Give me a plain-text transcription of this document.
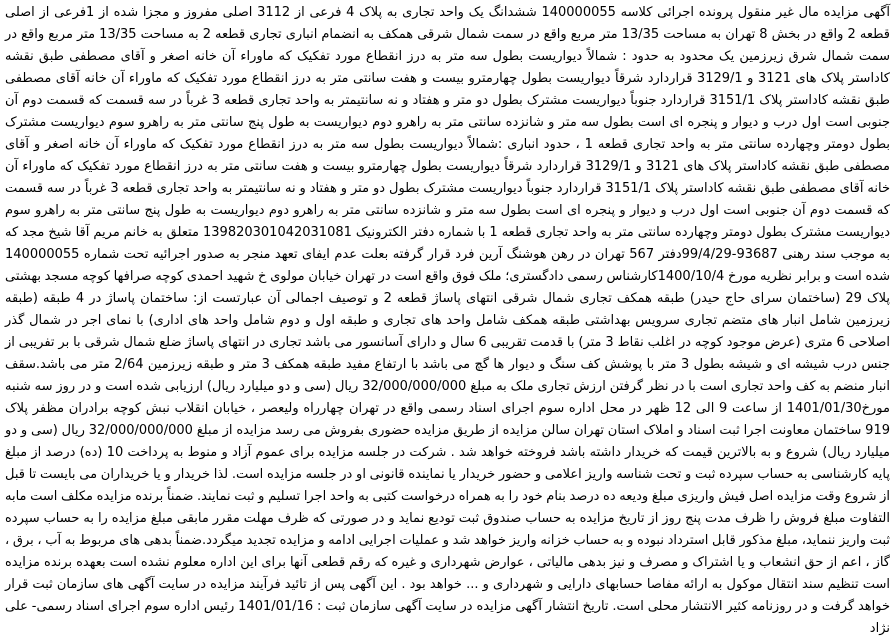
آگهی مزایده مال غیر منقول پرونده اجرائی کلاسه 140000055 ششدانگ یک واحد تجاری به پلاک 4 فرعی از 3112 اصلی مفروز و مجزا شده از 1فرعی از اصلی قطعه 2 واقع در بخش 8 تهران به مساحت 13/35 متر مربع واقع در سمت شمال شرقی همکف به انضمام انباری تجاری قطعه 2 به مساحت 13/35 متر مربع واقع در سمت شمال شرق زیرزمین یک محدود به حدود : شمالاً دیواریست بطول سه متر به درز انقطاع مورد تفکیک که ماوراء آن خانه اصغر و آقای مصطفی طبق نقشه کاداستر پلاک های 3121 و 3129/1 قراردارد شرقاً دیواریست بطول چهارمترو بیست و هفت سانتی متر به درز انقطاع مورد تفکیک که ماوراء آن خانه آقای مصطفی طبق نقشه کاداستر پلاک 3151/1 قراردارد جنوباً دیواریست مشترک بطول دو متر و هفتاد و نه سانتیمتر به واحد تجاری قطعه 3 غرباً در سه قسمت که قسمت دوم آن جنوبی است اول درب و دیوار و پنجره ای است بطول سه متر و شانزده سانتی متر به راهرو دوم دیواریست به طول پنج سانتی متر به راهرو سوم دیواریست مشترک بطول دومتر وچهارده سانتی متر به واحد تجاری قطعه 1 ، حدود انباری :شمالاً دیواریست بطول سه متر به درز انقطاع مورد تفکیک که ماوراء آن خانه اصغر و آقای مصطفی طبق نقشه کاداستر پلاک های 3121 و 3129/1 قراردارد شرقاً دیواریست بطول چهارمترو بیست و هفت سانتی متر به درز انقطاع مورد تفکیک که ماوراء آن خانه آقای مصطفی طبق نقشه کاداستر پلاک 3151/1 قراردارد جنوباً دیواریست مشترک بطول دو متر و هفتاد و نه سانتیمتر به واحد تجاری قطعه 3 غرباً در سه قسمت که قسمت دوم آن جنوبی است اول درب و دیوار و پنجره ای است بطول سه متر و شانزده سانتی متر به راهرو دوم دیواریست به طول پنج سانتی متر به راهرو سوم دیواریست مشترک بطول دومتر وچهارده سانتی متر به واحد تجاری قطعه 1 با شماره دفتر الکترونیک 139820301042031081 متعلق به خانم مریم آقا شیخ مجد که به موجب سند رهنی 93687-99/4/29دفتر 567 تهران در رهن هوشنگ آرین فرد قرار گرفته بعلت عدم ایفای تعهد منجر به صدور اجرائیه تحت شماره 140000055 شده است و برابر نظریه مورخ 1400/10/4کارشناس رسمی دادگستری؛ ملک فوق واقع است در تهران خیابان مولوی خ شهید احمدی کوچه صرافها کوچه مسجد بهشتی پلاک 29 (ساختمان سرای حاج حیدر) طبقه همکف تجاری شمال شرقی انتهای پاساژ قطعه 2 و توصیف اجمالی آن عبارتست از: ساختمان پاساژ در 4 طبقه (طبقه زیرزمین شامل انبار های متضم تجاری سرویس بهداشتی طبقه همکف شامل واحد های تجاری و طبقه اول و دوم شامل واحد های اداری) با نمای اجر در شمال گذر اصلاحی 6 متری (عرض موجود کوچه در اغلب نقاط 3 متر) با قدمت تقریبی 6 سال و دارای آسانسور می باشد تجاری در انتهای پاساژ ضلع شمال شرقی با بر تفریبی از جنس درب شیشه ای و شیشه بطول 3 متر با پوشش کف سنگ و دیوار ها گچ می باشد با ارتفاع مفید طبقه همکف 3 متر و طبقه زیرزمین 2/64 متر می باشد.سقف انبار منضم به کف واحد تجاری است با در نظر گرفتن ارزش تجاری ملک به مبلغ 32/000/000/000 ریال (سی و دو میلیارد ریال) ارزیابی شده است و در روز سه شنبه مورخ1401/01/30 از ساعت 9 الی 12 ظهر در محل اداره سوم اجرای اسناد رسمی واقع در تهران چهارراه ولیعصر ، خیابان انقلاب نبش کوچه برادران مظفر پلاک 919 ساختمان معاونت اجرا ثبت اسناد و املاک استان تهران سالن مزایده از طریق مزایده حضوری بفروش می رسد مزایده از مبلغ 32/000/000/000 ریال (سی و دو میلیارد ریال) شروع و به بالاترین قیمت که خریدار داشته باشد فروخته خواهد شد . شرکت در جلسه مزایده برای عموم آزاد و منوط به پرداخت 10 (ده) درصد از مبلغ پایه کارشناسی به حساب سپرده ثبت و تحت شناسه واریز اعلامی و حضور خریدار یا نماینده قانونی او در جلسه مزایده است. لذا خریدار و یا خریداران می بایست تا قبل از شروع وقت مزایده اصل فیش واریزی مبلغ ودیعه ده درصد بنام خود را به همراه درخواست کتبی به واحد اجرا تسلیم و ثبت نمایند. ضمناً برنده مزایده مکلف است مابه التفاوت مبلغ فروش را ظرف مدت پنج روز از تاریخ مزایده به حساب صندوق ثبت تودیع نماید و در صورتی که ظرف مهلت مقرر مابقی مبلغ مزایده را به حساب سپرده ثبت واریز ننماید، مبلغ مذکور قابل استرداد نبوده و به حساب خزانه واریز خواهد شد و عملیات اجرایی ادامه و مزایده تجدید میگردد.ضمناً بدهی های مربوط به آب ، برق ، گاز ، اعم از حق انشعاب و یا اشتراک و مصرف و نیز بدهی مالیاتی ، عوارض شهرداری و غیره که رقم قطعی آنها برای این اداره معلوم نشده است بعهده برنده مزایده است تنظیم سند انتقال موکول به ارائه مفاصا حسابهای دارایی و شهرداری و ... خواهد بود . این آگهی پس از تائید فرآیند مزایده در سایت آگهی های سازمان ثبت قرار خواهد گرفت و در روزنامه کثیر الانتشار محلی است. تاریخ انتشار آگهی مزایده در سایت آگهی سازمان ثبت : 1401/01/16 رئیس اداره سوم اجرای اسناد رسمی- علی نژاد
